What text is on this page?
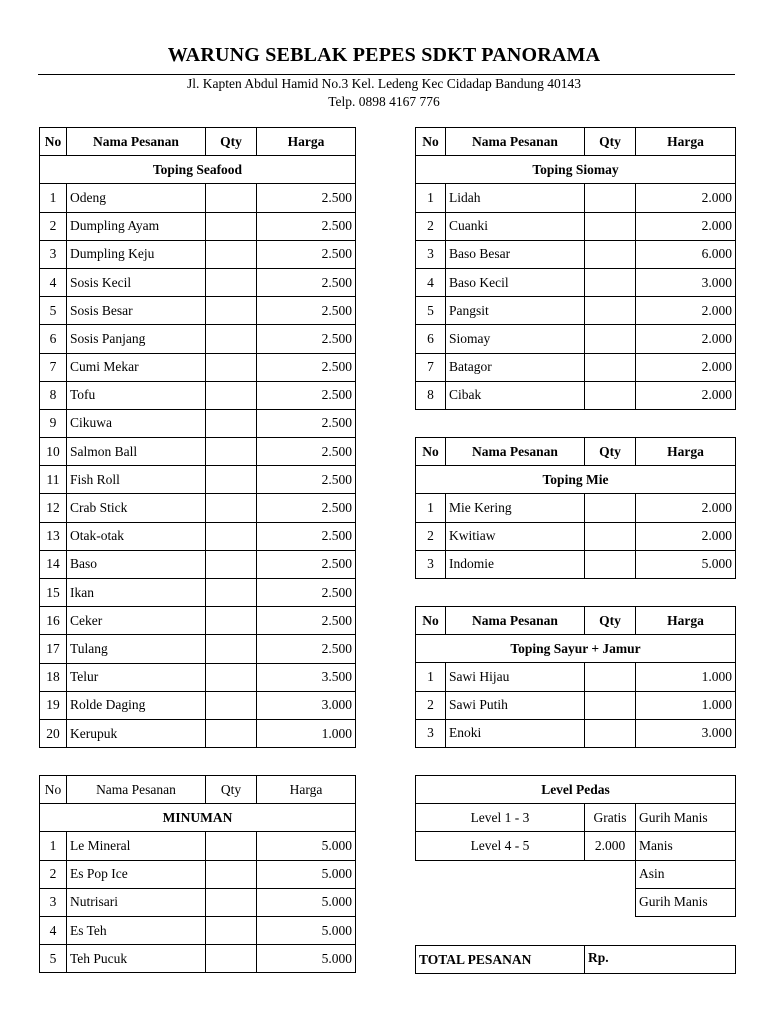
WARUNG SEBLAK PEPES SDKT PANORAMA
Jl. Kapten Abdul Hamid No.3 Kel. Ledeng Kec Cidadap Bandung 40143
Telp. 0898 4167 776
No	Nama Pesanan	Qty	Harga
Toping Seafood			
1	Odeng		2.500
2	Dumpling Ayam		2.500
3	Dumpling Keju		2.500
4	Sosis Kecil		2.500
5	Sosis Besar		2.500
6	Sosis Panjang		2.500
7	Cumi Mekar		2.500
8	Tofu		2.500
9	Cikuwa		2.500
10	Salmon Ball		2.500
11	Fish Roll		2.500
12	Crab Stick		2.500
13	Otak-otak		2.500
14	Baso		2.500
15	Ikan		2.500
16	Ceker		2.500
17	Tulang		2.500
18	Telur		3.500
19	Rolde Daging		3.000
20	Kerupuk		1.000
No	Nama Pesanan	Qty	Harga
Toping Siomay			
1	Lidah		2.000
2	Cuanki		2.000
3	Baso Besar		6.000
4	Baso Kecil		3.000
5	Pangsit		2.000
6	Siomay		2.000
7	Batagor		2.000
8	Cibak		2.000
No	Nama Pesanan	Qty	Harga
Toping Mie			
1	Mie Kering		2.000
2	Kwitiaw		2.000
3	Indomie		5.000
No	Nama Pesanan	Qty	Harga
Toping Sayur + Jamur			
1	Sawi Hijau		1.000
2	Sawi Putih		1.000
3	Enoki		3.000
No	Nama Pesanan	Qty	Harga
MINUMAN			
1	Le Mineral		5.000
2	Es Pop Ice		5.000
3	Nutrisari		5.000
4	Es Teh		5.000
5	Teh Pucuk		5.000
Level Pedas		
Level 1 - 3	Gratis	Gurih Manis
Level 4 - 5	2.000	Manis
		Asin
		Gurih Manis
TOTAL PESANAN	Rp.
